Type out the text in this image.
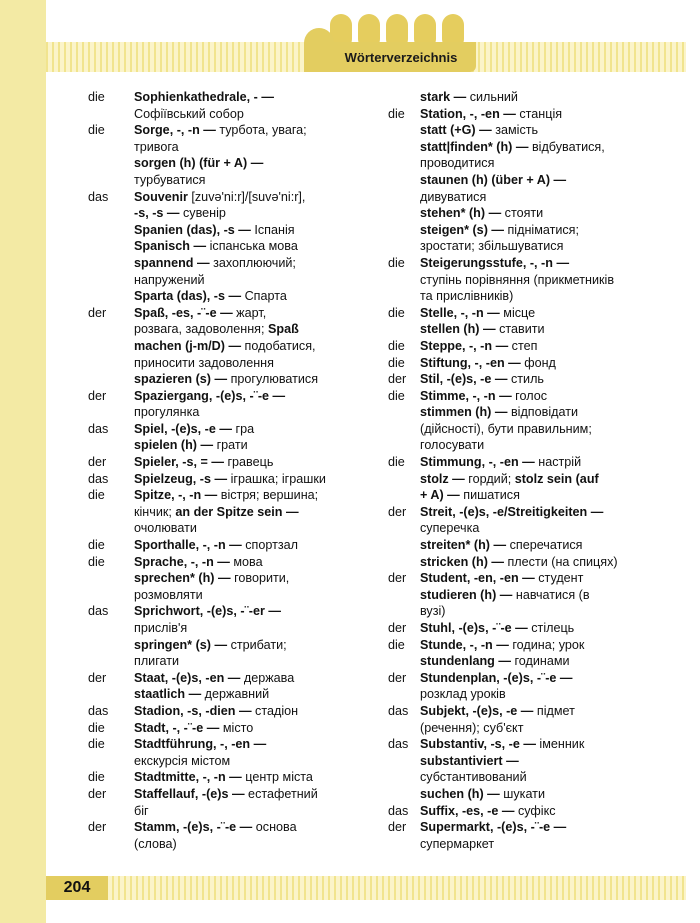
Wörterverzeichnis
die	Sophienkathedrale, - —
Софіївський собор
die	Sorge, -, -n — турбота, увага;
тривога
sorgen (h) (für + A) —
турбуватися
das	Souvenir [zuvə'ni:r]/[suvə'ni:r],
-s, -s — сувенір
Spanien (das), -s — Іспанія
Spanisch — іспанська мова
spannend — захоплюючий;
напружений
Sparta (das), -s — Спарта
der	Spaß, -es, -¨-e — жарт,
розвага, задоволення; Spaß
machen (j-m/D) — подобатися,
приносити задоволення
spazieren (s) — прогулюватися
der	Spaziergang, -(e)s, -¨-e —
прогулянка
das	Spiel, -(e)s, -e — гра
spielen (h) — грати
der	Spieler, -s, = — гравець
das	Spielzeug, -s — іграшка; іграшки
die	Spitze, -, -n — вістря; вершина;
кінчик; an der Spitze sein —
очолювати
die	Sporthalle, -, -n — спортзал
die	Sprache, -, -n — мова
sprechen* (h) — говорити,
розмовляти
das	Sprichwort, -(e)s, -¨-er —
прислів'я
springen* (s) — стрибати;
плигати
der	Staat, -(e)s, -en — держава
staatlich — державний
das	Stadion, -s, -dien — стадіон
die	Stadt, -, -¨-e — місто
die	Stadtführung, -, -en —
екскурсія містом
die	Stadtmitte, -, -n — центр міста
der	Staffellauf, -(e)s — естафетний
біг
der	Stamm, -(e)s, -¨-e — основа
(слова)
stark — сильний
die	Station, -, -en — станція
statt (+G) — замість
statt|finden* (h) — відбуватися,
проводитися
staunen (h) (über + A) —
дивуватися
stehen* (h) — стояти
steigen* (s) — підніматися;
зростати; збільшуватися
die	Steigerungsstufe, -, -n —
ступінь порівняння (прикметників
та прислівників)
die	Stelle, -, -n — місце
stellen (h) — ставити
die	Steppe, -, -n — степ
die	Stiftung, -, -en — фонд
der	Stil, -(e)s, -e — стиль
die	Stimme, -, -n — голос
stimmen (h) — відповідати
(дійсності), бути правильним;
голосувати
die	Stimmung, -, -en — настрій
stolz — гордий; stolz sein (auf
+ A) — пишатися
der	Streit, -(e)s, -e/Streitigkeiten —
суперечка
streiten* (h) — сперечатися
stricken (h) — плести (на спицях)
der	Student, -en, -en — студент
studieren (h) — навчатися (в
вузі)
der	Stuhl, -(e)s, -¨-e — стілець
die	Stunde, -, -n — година; урок
stundenlang — годинами
der	Stundenplan, -(e)s, -¨-e —
розклад уроків
das Subjekt, -(e)s, -e — підмет
(речення); суб'єкт
das Substantiv, -s, -e — іменник
substantiviert —
субстантивований
suchen (h) — шукати
das Suffix, -es, -e — суфікс
der	Supermarkt, -(e)s, -¨-e —
супермаркет
204
